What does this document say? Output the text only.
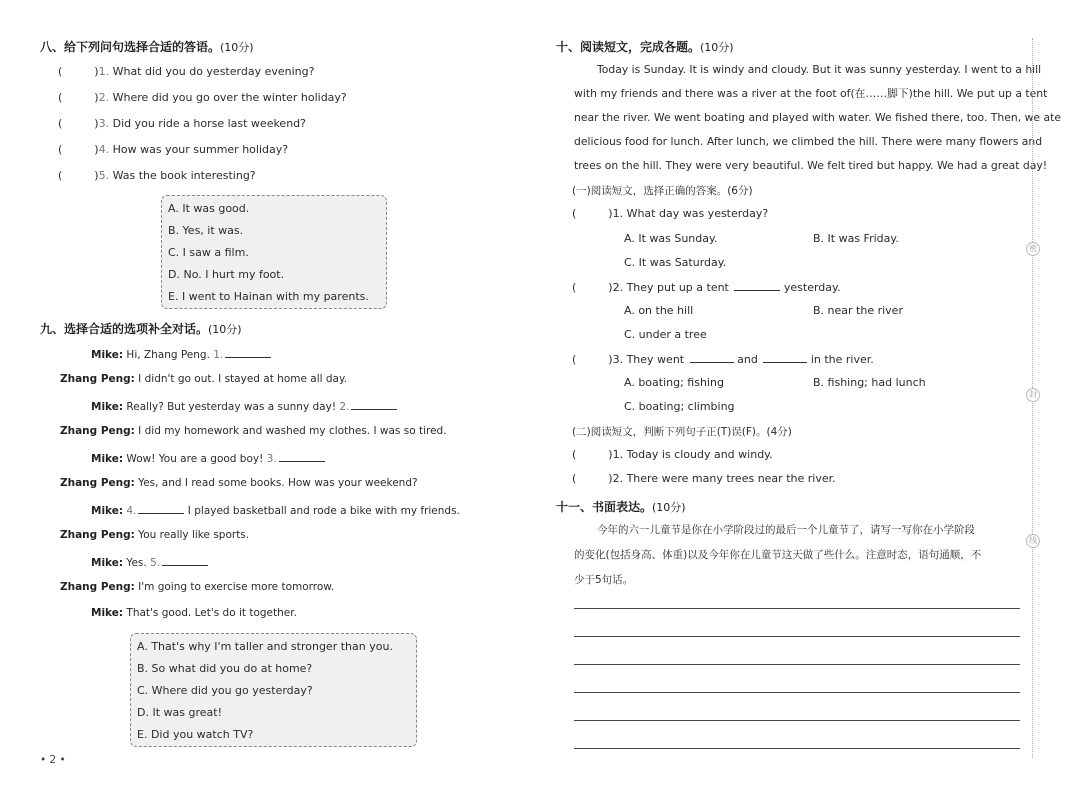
八、给下列问句选择合适的答语。(10分)
(	)1. What did you do yesterday evening?
(	)2. Where did you go over the winter holiday?
(	)3. Did you ride a horse last weekend?
(	)4. How was your summer holiday?
(	)5. Was the book interesting?
A. It was good.
B. Yes, it was.
C. I saw a film.
D. No. I hurt my foot.
E. I went to Hainan with my parents.
九、选择合适的选项补全对话。(10分)
Mike: Hi, Zhang Peng. 1.
Zhang Peng: I didn't go out. I stayed at home all day.
Mike: Really? But yesterday was a sunny day! 2.
Zhang Peng: I did my homework and washed my clothes. I was so tired.
Mike: Wow! You are a good boy! 3.
Zhang Peng: Yes, and I read some books. How was your weekend?
Mike: 4.	I played basketball and rode a bike with my friends.
Zhang Peng: You really like sports.
Mike: Yes. 5.
Zhang Peng: I'm going to exercise more tomorrow.
Mike: That's good. Let's do it together.
A. That's why I'm taller and stronger than you.
B. So what did you do at home?
C. Where did you go yesterday?
D. It was great!
E. Did you watch TV?
• 2 •
十、阅读短文，完成各题。(10分)
Today is Sunday. It is windy and cloudy. But it was sunny yesterday. I went to a hill
with my friends and there was a river at the foot of(在……脚下)the hill. We put up a tent
near the river. We went boating and played with water. We fished there, too. Then, we ate
delicious food for lunch. After lunch, we climbed the hill. There were many flowers and
trees on the hill. They were very beautiful. We felt tired but happy. We had a great day!
(一)阅读短文，选择正确的答案。(6分)
(	)1. What day was yesterday?
A. It was Sunday.	B. It was Friday.
C. It was Saturday.
(	)2. They put up a tent	yesterday.
A. on the hill	B. near the river
C. under a tree
(	)3. They went	and	in the river.
A. boating; fishing	B. fishing; had lunch
C. boating; climbing
(二)阅读短文，判断下列句子正(T)误(F)。(4分)
(	)1. Today is cloudy and windy.
(	)2. There were many trees near the river.
十一、书面表达。(10分)
今年的六一儿童节是你在小学阶段过的最后一个儿童节了，请写一写你在小学阶段
的变化(包括身高、体重)以及今年你在儿童节这天做了些什么。注意时态，语句通顺，不
少于5句话。
密
封
线
